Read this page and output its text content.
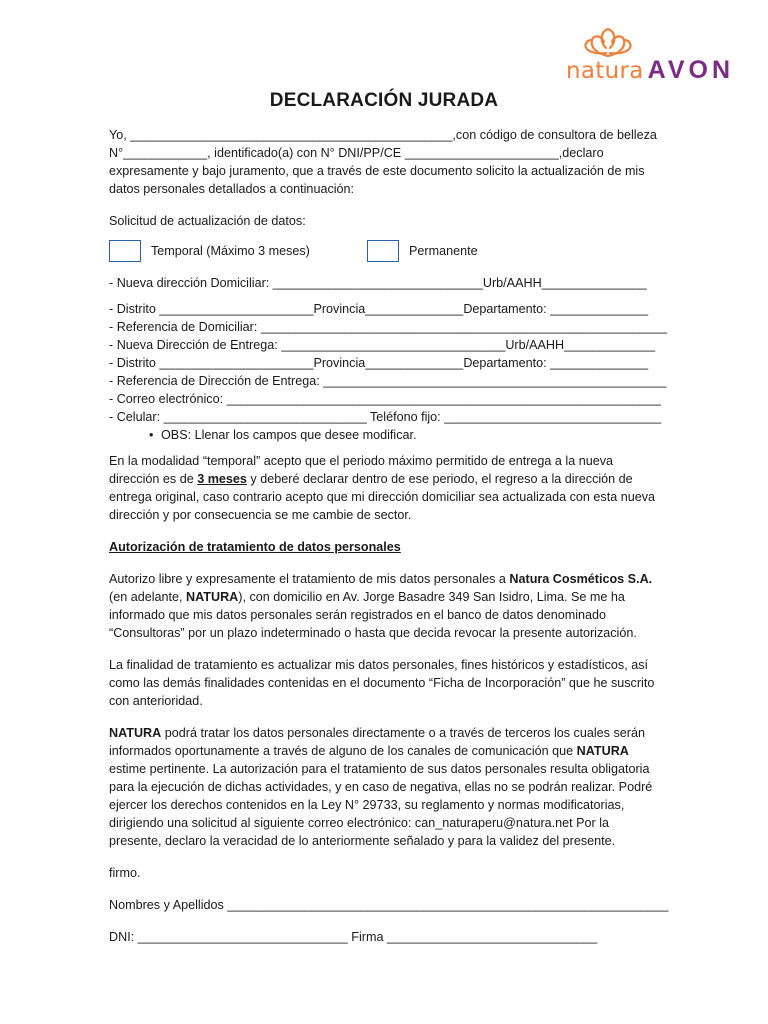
natura AVON
DECLARACIÓN JURADA

Yo, ______________________________________________,con código de consultora de belleza N°____________, identificado(a) con N° DNI/PP/CE ______________________,declaro expresamente y bajo juramento, que a través de este documento solicito la actualización de mis datos personales detallados a continuación:

Solicitud de actualización de datos:

Temporal (Máximo 3 meses)	Permanente

- Nueva dirección Domiciliar: ______________________________Urb/AAHH_______________

- Distrito ______________________Provincia______________Departamento: ______________

- Referencia de Domiciliar: __________________________________________________________

- Nueva Dirección de Entrega: ________________________________Urb/AAHH_____________

- Distrito ______________________Provincia______________Departamento: ______________

- Referencia de Dirección de Entrega: _________________________________________________

- Correo electrónico: ______________________________________________________________

- Celular: _____________________________ Teléfono fijo: _______________________________

• OBS: Llenar los campos que desee modificar.

En la modalidad “temporal” acepto que el periodo máximo permitido de entrega a la nueva dirección es de 3 meses y deberé declarar dentro de ese periodo, el regreso a la dirección de entrega original, caso contrario acepto que mi dirección domiciliar sea actualizada con esta nueva dirección y por consecuencia se me cambie de sector.

Autorización de tratamiento de datos personales

Autorizo libre y expresamente el tratamiento de mis datos personales a Natura Cosméticos S.A. (en adelante, NATURA), con domicilio en Av. Jorge Basadre 349 San Isidro, Lima. Se me ha informado que mis datos personales serán registrados en el banco de datos denominado “Consultoras” por un plazo indeterminado o hasta que decida revocar la presente autorización.

La finalidad de tratamiento es actualizar mis datos personales, fines históricos y estadísticos, así como las demás finalidades contenidas en el documento “Ficha de Incorporación” que he suscrito con anterioridad.

NATURA podrá tratar los datos personales directamente o a través de terceros los cuales serán informados oportunamente a través de alguno de los canales de comunicación que NATURA estime pertinente. La autorización para el tratamiento de sus datos personales resulta obligatoria para la ejecución de dichas actividades, y en caso de negativa, ellas no se podrán realizar. Podré ejercer los derechos contenidos en la Ley N° 29733, su reglamento y normas modificatorias, dirigiendo una solicitud al siguiente correo electrónico: can_naturaperu@natura.net Por la presente, declaro la veracidad de lo anteriormente señalado y para la validez del presente.

firmo.

Nombres y Apellidos _______________________________________________________________

DNI: ______________________________ Firma ______________________________
